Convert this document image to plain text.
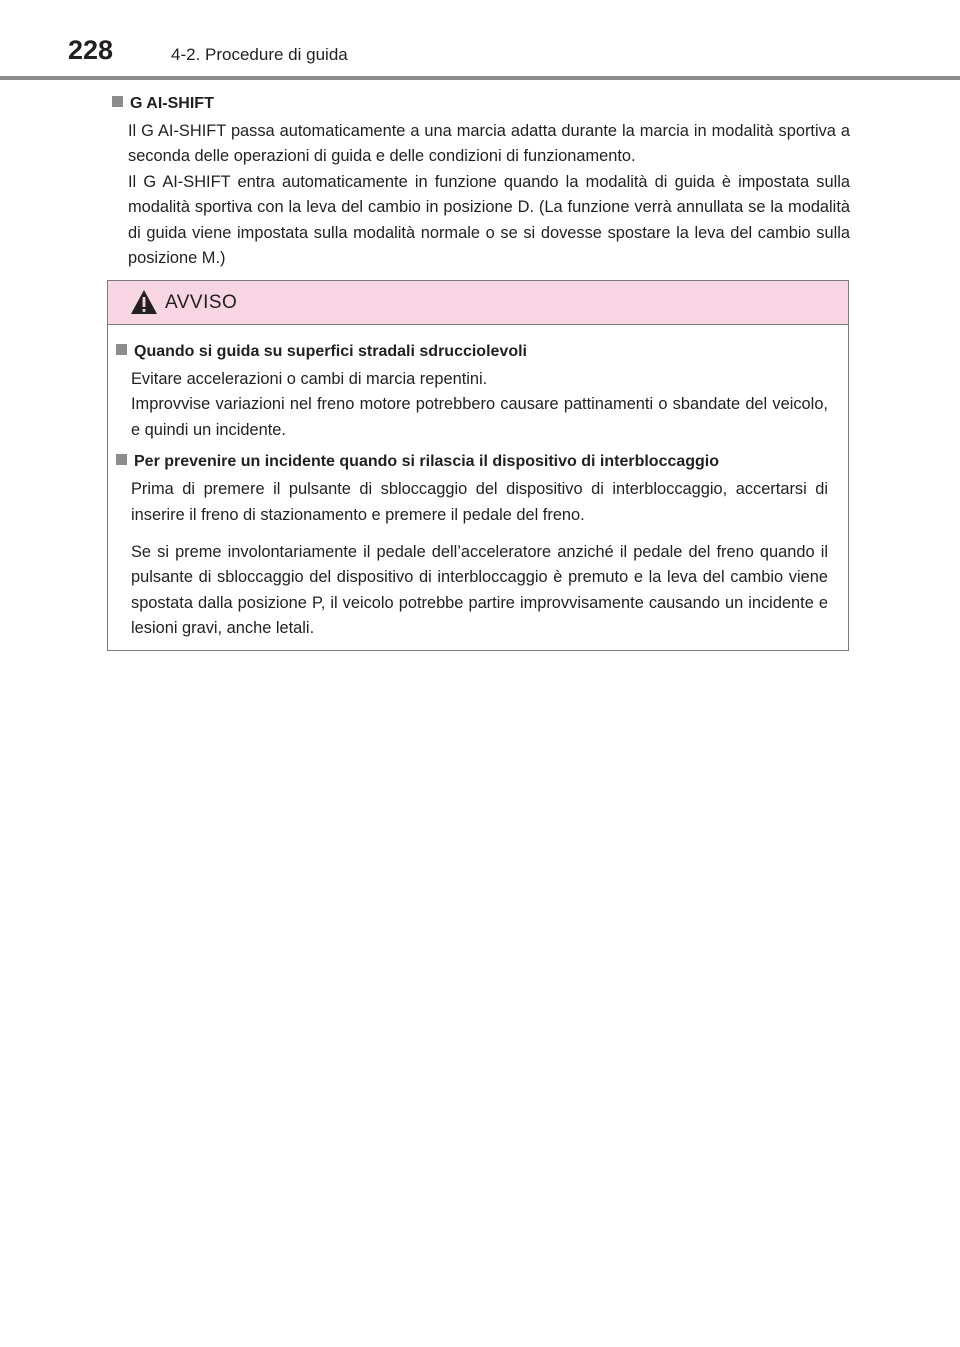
228	4-2. Procedure di guida
G AI-SHIFT

Il G AI-SHIFT passa automaticamente a una marcia adatta durante la marcia in modalità sportiva a seconda delle operazioni di guida e delle condizioni di funzionamento.

Il G AI-SHIFT entra automaticamente in funzione quando la modalità di guida è impostata sulla modalità sportiva con la leva del cambio in posizione D. (La funzione verrà annullata se la modalità di guida viene impostata sulla modalità normale o se si dovesse spostare la leva del cambio sulla posizione M.)

AVVISO
Quando si guida su superfici stradali sdrucciolevoli

Evitare accelerazioni o cambi di marcia repentini.

Improvvise variazioni nel freno motore potrebbero causare pattinamenti o sbandate del veicolo, e quindi un incidente.

Per prevenire un incidente quando si rilascia il dispositivo di interbloccaggio

Prima di premere il pulsante di sbloccaggio del dispositivo di interbloccaggio, accertarsi di inserire il freno di stazionamento e premere il pedale del freno.

Se si preme involontariamente il pedale dell’acceleratore anziché il pedale del freno quando il pulsante di sbloccaggio del dispositivo di interbloccaggio è premuto e la leva del cambio viene spostata dalla posizione P, il veicolo potrebbe partire improvvisamente causando un incidente e lesioni gravi, anche letali.
